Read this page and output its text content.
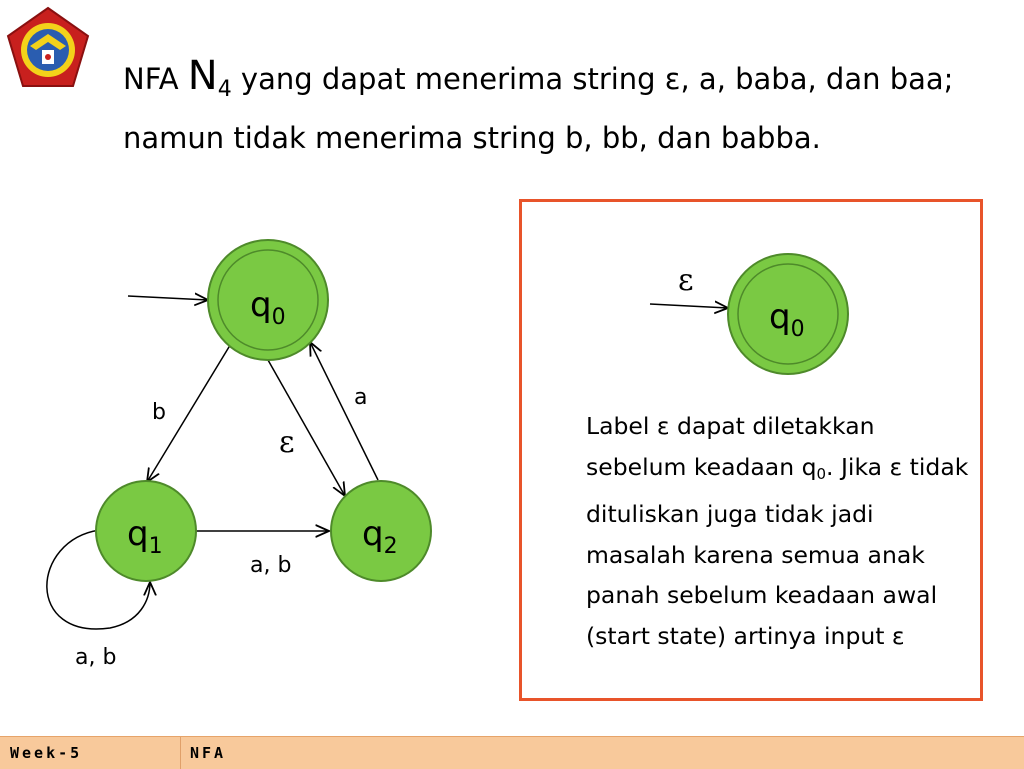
NFA $N_4$ yang dapat menerima string ε, a, baba, dan baa; namun tidak menerima string b, bb, dan babba.
b
a
ε
a, b
a, b
$q_0$
$q_1$	$q_2$
ε
$q_0$
Label ε dapat diletakkan sebelum keadaan $q_0$. Jika ε tidak dituliskan juga tidak jadi masalah karena semua anak panah sebelum keadaan awal (start state) artinya input ε
Week-5	NFA
